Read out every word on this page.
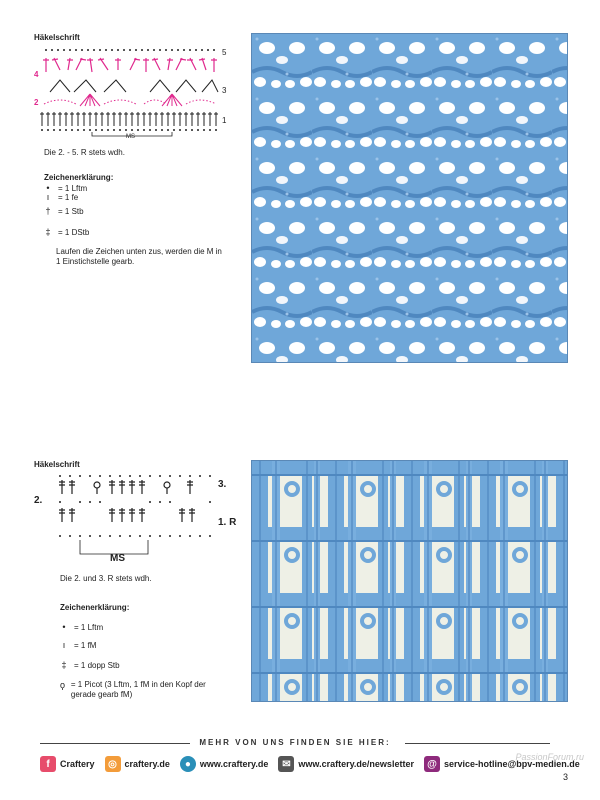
Häkelschrift
5
4
3
2
1
MS
Die 2. - 5. R stets wdh.
Zeichenerklärung:
•	= 1 Lftm
ı	= 1 fe
† = 1 Stb
‡ = 1 DStb
Laufen die Zeichen unten zus, werden die M in 1 Einstichstelle gearb.
Häkelschrift
3.
2.
1. R
MS
Die 2. und 3. R stets wdh.
Zeichenerklärung:
•	= 1 Lftm
ı	= 1 fM
‡ = 1 dopp Stb
ϙ = 1 Picot (3 Lftm, 1 fM in den Kopf der gerade gearb fM)
MEHR VON UNS FINDEN SIE HIER:
f	Craftery	◎ craftery.de	● www.craftery.de	✉ www.craftery.de/newsletter	@ service-hotline@bpv-medien.de
PassionForum.ru
3
